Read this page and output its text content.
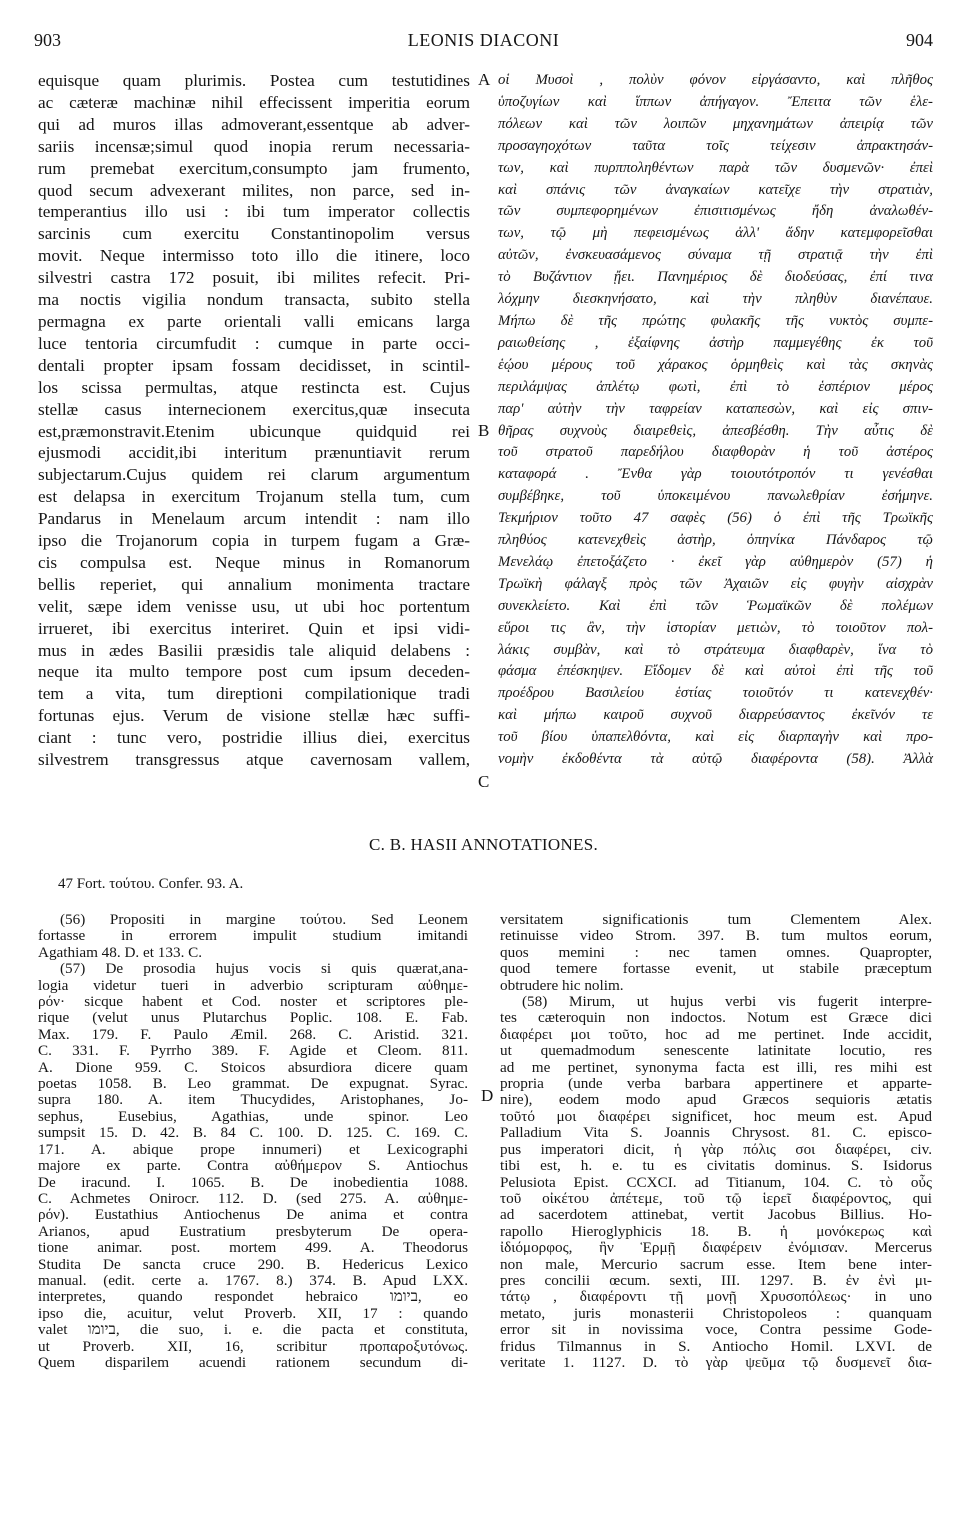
903	LEONIS DIACONI	904
equisque quam plurimis. Postea cum testutidines
ac cæteræ machinæ nihil effecissent imperitia eorum
qui ad muros illas admoverant,essentque ab adver-
sariis incensæ;simul quod inopia rerum necessaria-
rum premebat exercitum,consumpto jam frumento,
quod secum advexerant milites, non parce, sed in-
temperantius illo usi : ibi tum imperator collectis
sarcinis cum exercitu Constantinopolim versus
movit. Neque intermisso toto illo die itinere, loco
silvestri castra 172 posuit, ibi milites refecit. Pri-
ma noctis vigilia nondum transacta, subito stella
permagna ex parte orientali valli emicans larga
luce tentoria circumfudit : cumque in parte occi-
dentali propter ipsam fossam decidisset, in scintil-
los scissa permultas, atque restincta est. Cujus
stellæ casus internecionem exercitus,quæ insecuta
est,præmonstravit.Etenim ubicunque quidquid rei
ejusmodi accidit,ibi interitum prænuntiavit rerum
subjectarum.Cujus quidem rei clarum argumentum
est delapsa in exercitum Trojanum stella tum, cum
Pandarus in Menelaum arcum intendit : nam illo
ipso die Trojanorum copia in turpem fugam a Græ-
cis compulsa est. Neque minus in Romanorum
bellis reperiet, qui annalium monimenta tractare
velit, sæpe idem venisse usu, ut ubi hoc portentum
irrueret, ibi exercitus interiret. Quin et ipsi vidi-
mus in ædes Basilii præsidis tale aliquid delabens :
neque ita multo tempore post cum ipsum deceden-
tem a vita, tum direptioni compilationique tradi
fortunas ejus. Verum de visione stellæ hæc suffi-
ciant : tunc vero, postridie illius diei, exercitus
silvestrem transgressus atque cavernosam vallem,
οἱ Μυσοὶ , πολὺν φόνον εἰργάσαντο, καὶ πλῆθος
ὑποζυγίων καὶ ἵππων ἀπήγαγον. Ἔπειτα τῶν ἑλε-
πόλεων καὶ τῶν λοιπῶν μηχανημάτων ἀπειρίᾳ τῶν
προσαγηοχότων ταῦτα τοῖς τείχεσιν ἀπρακτησάν-
των, καὶ πυρπποληθέντων παρὰ τῶν δυσμενῶν· ἐπεὶ
καὶ σπάνις τῶν ἀναγκαίων κατεῖχε τὴν στρατιὰν,
τῶν συμπεφορημένων ἐπισιτισμένως ἤδη ἀναλωθέν-
των, τῷ μὴ πεφεισμένως ἀλλ' ἄδην κατεμφορεῖσθαι
αὐτῶν, ἐνσκευασάμενος σύναμα τῇ στρατιᾷ τὴν ἐπὶ
τὸ Βυζάντιον ᾔει. Πανημέριος δὲ διοδεύσας, ἐπί τινα
λόχμην διεσκηνήσατο, καὶ τὴν πληθὺν διανέπαυε.
Μήπω δὲ τῆς πρώτης φυλακῆς τῆς νυκτὸς συμπε-
ραιωθείσης , ἐξαίφνης ἀστὴρ παμμεγέθης ἐκ τοῦ
ἑῴου μέρους τοῦ χάρακος ὁρμηθεὶς καὶ τὰς σκηνὰς
περιλάμψας ἀπλέτῳ φωτὶ, ἐπὶ τὸ ἑσπέριον μέρος
παρ' αὐτὴν τὴν ταφρείαν καταπεσὼν, καὶ εἰς σπιν-
θῆρας συχνοὺς διαιρεθεὶς, ἀπεσβέσθη. Τὴν αὖτις δὲ
τοῦ στρατοῦ παρεδήλου διαφθορὰν ἡ τοῦ ἀστέρος
καταφορά . Ἔνθα γὰρ τοιουτότροπόν τι γενέσθαι
συμβέβηκε, τοῦ ὑποκειμένου πανωλεθρίαν ἐσήμηνε.
Τεκμήριον τοῦτο 47 σαφὲς (56) ὁ ἐπὶ τῆς Τρωϊκῆς
πληθύος κατενεχθεὶς ἀστὴρ, ὁπηνίκα Πάνδαρος τῷ
Μενελάῳ ἐπετοξάζετο · ἐκεῖ γὰρ αὐθημερὸν (57) ἡ
Τρωϊκὴ φάλαγξ πρὸς τῶν Ἀχαιῶν εἰς φυγὴν αἰσχρὰν
συνεκλείετο. Καὶ ἐπὶ τῶν Ῥωμαϊκῶν δὲ πολέμων
εὕροι τις ἂν, τὴν ἱστορίαν μετιὼν, τὸ τοιοῦτον πολ-
λάκις συμβὰν, καὶ τὸ στράτευμα διαφθαρὲν, ἵνα τὸ
φάσμα ἐπέσκηψεν. Εἴδομεν δὲ καὶ αὐτοὶ ἐπὶ τῆς τοῦ
προέδρου Βασιλείου ἑστίας τοιοῦτόν τι κατενεχθέν·
καὶ μήπω καιροῦ συχνοῦ διαρρεύσαντος ἐκεῖνόν τε
τοῦ βίου ὑπαπελθόντα, καὶ εἰς διαρπαγὴν καὶ προ-
νομὴν ἐκδοθέντα τὰ αὐτῷ διαφέροντα (58). Ἀλλὰ
A
B
C
D
C. B. HASII ANNOTATIONES.
47 Fort. τούτου. Confer. 93. A.
(56) Propositi in margine τούτου. Sed Leonem
fortasse in errorem impulit studium imitandi
Agathiam 48. D. et 133. C.
(57) De prosodia hujus vocis si quis quærat,ana-
logia videtur tueri in adverbio scripturam αὐθημε-
ρόν· sicque habent et Cod. noster et scriptores ple-
rique (velut unus Plutarchus Poplic. 108. E. Fab.
Max. 179. F. Paulo Æmil. 268. C. Aristid. 321.
C. 331. F. Pyrrho 389. F. Agide et Cleom. 811.
A. Dione 959. C. Stoicos absurdiora dicere quam
poetas 1058. B. Leo grammat. De expugnat. Syrac.
supra 180. A. item Thucydides, Aristophanes, Jo-
sephus, Eusebius, Agathias, unde spinor. Leo
sumpsit 15. D. 42. B. 84 C. 100. D. 125. C. 169. C.
171. A. abique prope innumeri) et Lexicographi
majore ex parte. Contra αὐθήμερον S. Antiochus
De iracund. I. 1065. B. De inobedientia 1088.
C. Achmetes Onirocr. 112. D. (sed 275. A. αὐθημε-
ρόν). Eustathius Antiochenus De anima et contra
Arianos, apud Eustratium presbyterum De opera-
tione animar. post. mortem 499. A. Theodorus
Studita De sancta cruce 290. B. Hedericus Lexico
manual. (edit. certe a. 1767. 8.) 374. B. Apud LXX.
interpretes, quando respondet hebraico ביומו, eo
ipso die, acuitur, velut Proverb. XII, 17 : quando
valet ביומו, die suo, i. e. die pacta et constituta,
ut Proverb. XII, 16, scribitur προπαροξυτόνως.
Quem disparilem acuendi rationem secundum di-
versitatem significationis tum Clementem Alex.
retinuisse video Strom. 397. B. tum multos eorum,
quos memini : nec tamen omnes. Quapropter,
quod temere fortasse evenit, ut stabile præceptum
obtrudere hic nolim.
(58) Mirum, ut hujus verbi vis fugerit interpre-
tes cæteroquin non indoctos. Notum est Græce dici
διαφέρει μοι τοῦτο, hoc ad me pertinet. Inde accidit,
ut quemadmodum senescente latinitate locutio, res
ad me pertinet, synonyma facta est illi, res mihi est
propria (unde verba barbara appertinere et apparte-
nire), eodem modo apud Græcos sequioris ætatis
τοῦτό μοι διαφέρει significet, hoc meum est. Apud
Palladium Vita S. Joannis Chrysost. 81. C. episco-
pus imperatori dicit, ἡ γὰρ πόλις σοι διαφέρει, civ.
tibi est, h. e. tu es civitatis dominus. S. Isidorus
Pelusiota Epist. CCXCI. ad Titianum, 104. C. τὸ οὖς
τοῦ οἰκέτου ἀπέτεμε, τοῦ τῷ ἱερεῖ διαφέροντος, qui
ad sacerdotem attinebat, vertit Jacobus Billius. Ho-
rapollo Hieroglyphicis 18. B. ἡ μονόκερως καὶ
ἰδιόμορφος, ἣν Ἑρμῇ διαφέρειν ἐνόμισαν. Mercerus
non male, Mercurio sacrum esse. Item bene inter-
pres concilii œcum. sexti, III. 1297. B. ἐν ἑνὶ μι-
τάτῳ , διαφέροντι τῇ μονῇ Χρυσοπόλεως· in uno
metato, juris monasterii Christopoleos : quanquam
error sit in novissima voce, Contra pessime Gode-
fridus Tilmannus in S. Antiocho Homil. LXVI. de
veritate 1. 1127. D. τὸ γὰρ ψεῦμα τῷ δυσμενεῖ δια-
